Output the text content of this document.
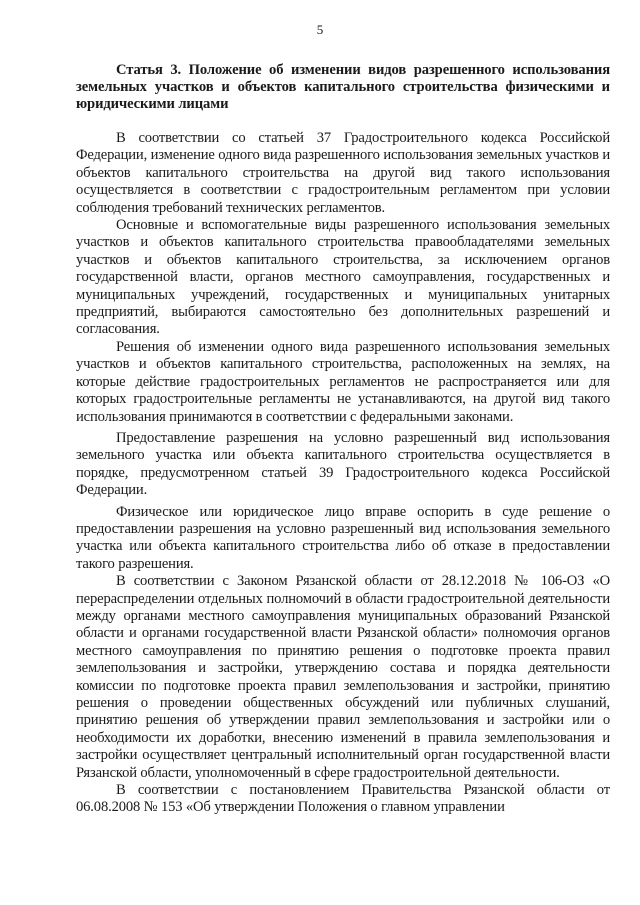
5

Статья 3. Положение об изменении видов разрешенного использования земельных участков и объектов капитального строительства физическими и юридическими лицами

В соответствии со статьей 37 Градостроительного кодекса Российской Федерации, изменение одного вида разрешенного использования земельных участков и объектов капитального строительства на другой вид такого использования осуществляется в соответствии с градостроительным регламентом при условии соблюдения требований технических регламентов.

Основные и вспомогательные виды разрешенного использования земельных участков и объектов капитального строительства правообладателями земельных участков и объектов капитального строительства, за исключением органов государственной власти, органов местного самоуправления, государственных и муниципальных учреждений, государственных и муниципальных унитарных предприятий, выбираются самостоятельно без дополнительных разрешений и согласования.

Решения об изменении одного вида разрешенного использования земельных участков и объектов капитального строительства, расположенных на землях, на которые действие градостроительных регламентов не распространяется или для которых градостроительные регламенты не устанавливаются, на другой вид такого использования принимаются в соответствии с федеральными законами.

Предоставление разрешения на условно разрешенный вид использования земельного участка или объекта капитального строительства осуществляется в порядке, предусмотренном статьей 39 Градостроительного кодекса Российской Федерации.

Физическое или юридическое лицо вправе оспорить в суде решение о предоставлении разрешения на условно разрешенный вид использования земельного участка или объекта капитального строительства либо об отказе в предоставлении такого разрешения.

В соответствии с Законом Рязанской области от 28.12.2018 № 106-ОЗ «О перераспределении отдельных полномочий в области градостроительной деятельности между органами местного самоуправления муниципальных образований Рязанской области и органами государственной власти Рязанской области» полномочия органов местного самоуправления по принятию решения о подготовке проекта правил землепользования и застройки, утверждению состава и порядка деятельности комиссии по подготовке проекта правил землепользования и застройки, принятию решения о проведении общественных обсуждений или публичных слушаний, принятию решения об утверждении правил землепользования и застройки или о необходимости их доработки, внесению изменений в правила землепользования и застройки осуществляет центральный исполнительный орган государственной власти Рязанской области, уполномоченный в сфере градостроительной деятельности.

В соответствии с постановлением Правительства Рязанской области от 06.08.2008 № 153 «Об утверждении Положения о главном управлении
